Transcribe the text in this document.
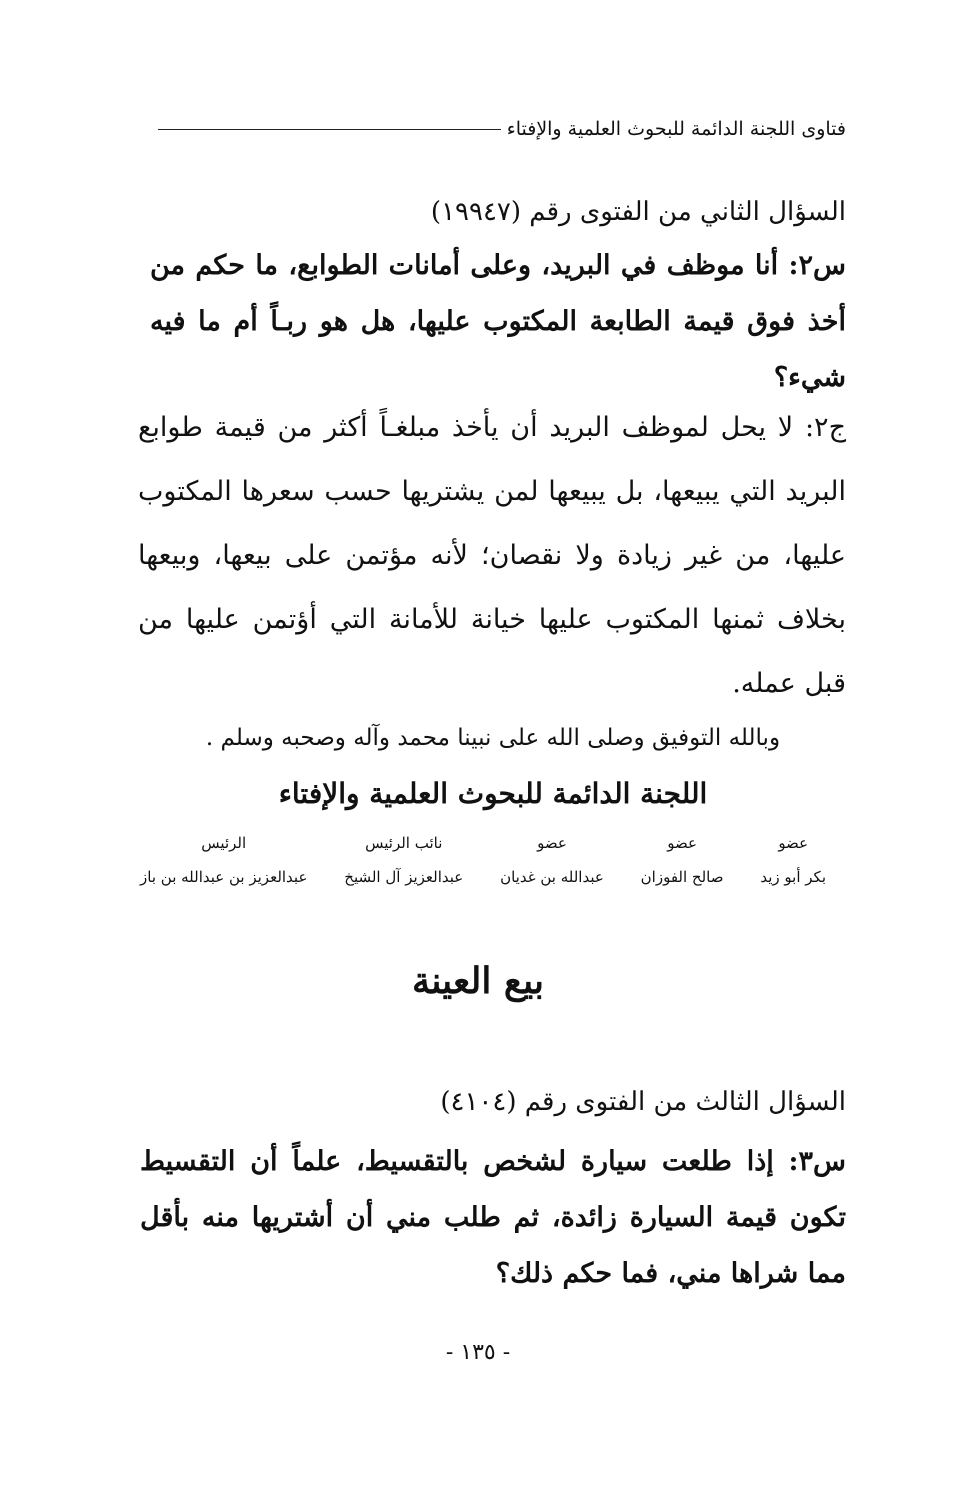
فتاوى اللجنة الدائمة للبحوث العلمية والإفتاء
السؤال الثاني من الفتوى رقم (١٩٩٤٧)
س٢: أنا موظف في البريد، وعلى أمانات الطوابع، ما حكم من أخذ فوق قيمة الطابعة المكتوب عليها، هل هو ربـاً أم ما فيه شيء؟
ج٢: لا يحل لموظف البريد أن يأخذ مبلغـاً أكثر من قيمة طوابع البريد التي يبيعها، بل يبيعها لمن يشتريها حسب سعرها المكتوب عليها، من غير زيادة ولا نقصان؛ لأنه مؤتمن على بيعها، وبيعها بخلاف ثمنها المكتوب عليها خيانة للأمانة التي أؤتمن عليها من قبل عمله.
وبالله التوفيق وصلى الله على نبينا محمد وآله وصحبه وسلم .
اللجنة الدائمة للبحوث العلمية والإفتاء
عضو
بكر أبو زيد
عضو
صالح الفوزان
عضو
عبدالله بن غديان
نائب الرئيس
عبدالعزيز آل الشيخ
الرئيس
عبدالعزيز بن عبدالله بن باز
بيع العينة
السؤال الثالث من الفتوى رقم (٤١٠٤)
س٣: إذا طلعت سيارة لشخص بالتقسيط، علماً أن التقسيط تكون قيمة السيارة زائدة، ثم طلب مني أن أشتريها منه بأقل مما شراها مني، فما حكم ذلك؟
- ١٣٥ -
